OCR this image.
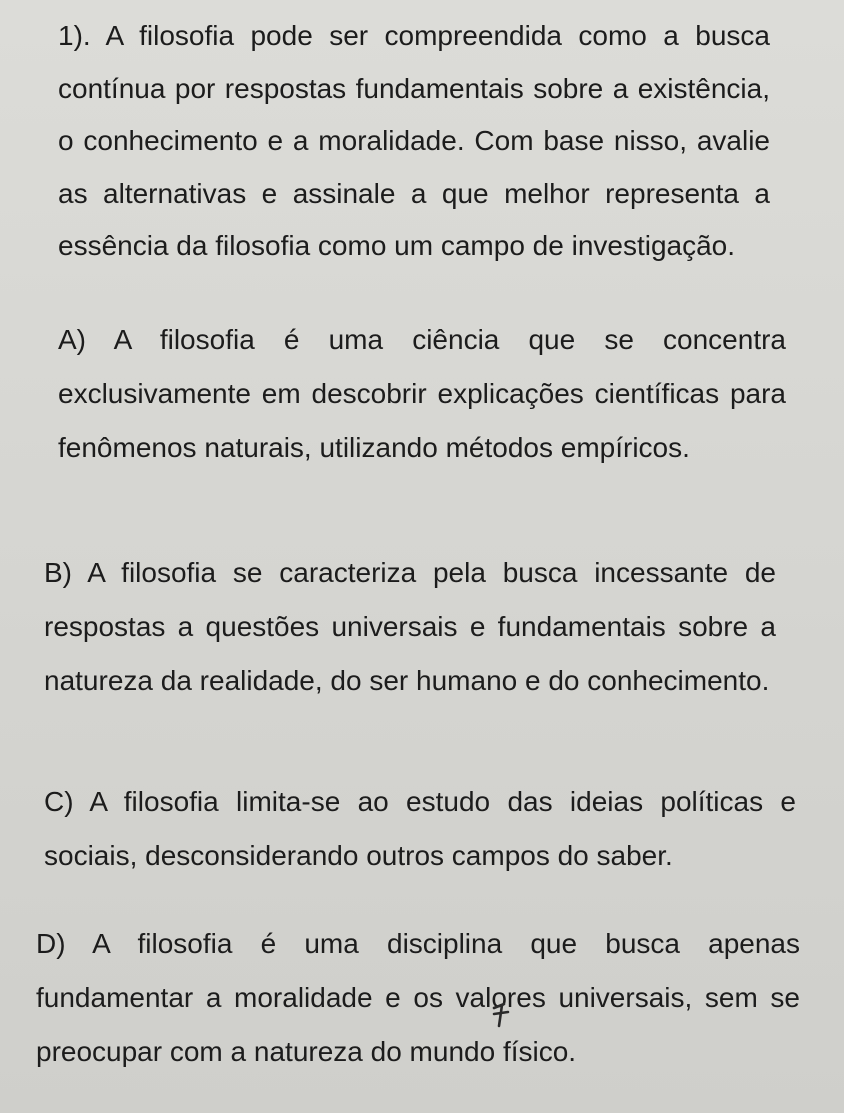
1). A filosofia pode ser compreendida como a busca contínua por respostas fundamentais sobre a existência, o conhecimento e a moralidade. Com base nisso, avalie as alternativas e assinale a que melhor representa a essência da filosofia como um campo de investigação.
A) A filosofia é uma ciência que se concentra exclusivamente em descobrir explicações científicas para fenômenos naturais, utilizando métodos empíricos.
B) A filosofia se caracteriza pela busca incessante de respostas a questões universais e fundamentais sobre a natureza da realidade, do ser humano e do conhecimento.
C) A filosofia limita-se ao estudo das ideias políticas e sociais, desconsiderando outros campos do saber.
D) A filosofia é uma disciplina que busca apenas fundamentar a moralidade e os valores universais, sem se preocupar com a natureza do mundo físico.
